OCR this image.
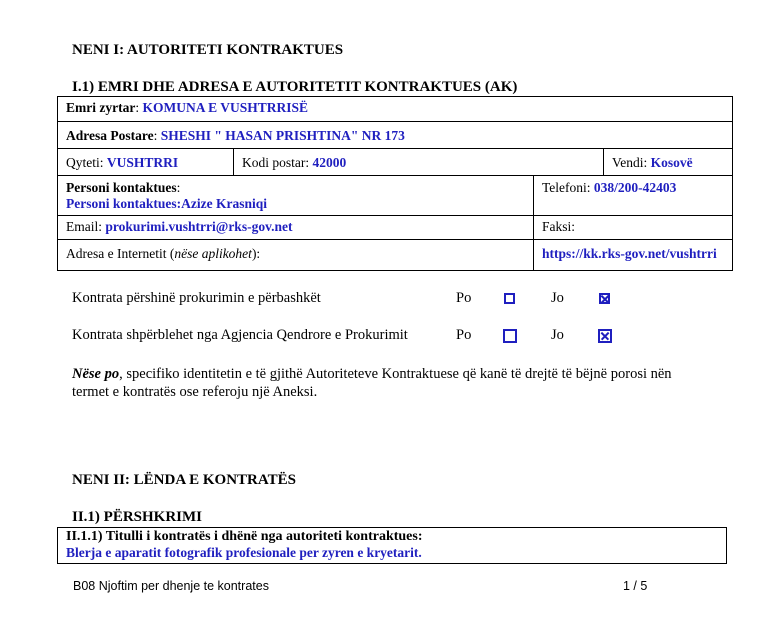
NENI I: AUTORITETI KONTRAKTUES
I.1) EMRI DHE ADRESA E AUTORITETIT KONTRAKTUES (AK)
Emri zyrtar: KOMUNA E VUSHTRRISË			
Adresa Postare: SHESHI " HASAN PRISHTINA" NR 173			
Qyteti: VUSHTRRI	Kodi postar: 42000		Vendi: Kosovë
Personi kontaktues:
Personi kontaktues:Azize Krasniqi		Telefoni: 038/200-42403	
Email: prokurimi.vushtrri@rks-gov.net		Faksi:	
Adresa e Internetit (nëse aplikohet):		https://kk.rks-gov.net/vushtrri	
Kontrata përshinë prokurimin e përbashkët	Po	Jo
Kontrata shpërblehet nga Agjencia Qendrore e Prokurimit	Po	Jo
Nëse po, specifiko identitetin e të gjithë Autoriteteve Kontraktuese që kanë të drejtë të bëjnë porosi nën termet e kontratës ose referoju një Aneksi.
NENI II: LËNDA E KONTRATËS
II.1) PËRSHKRIMI
II.1.1) Titulli i kontratës i dhënë nga autoriteti kontraktues:
Blerja e aparatit fotografik profesionale per zyren e kryetarit.
B08 Njoftim per dhenje te kontrates	1 / 5
